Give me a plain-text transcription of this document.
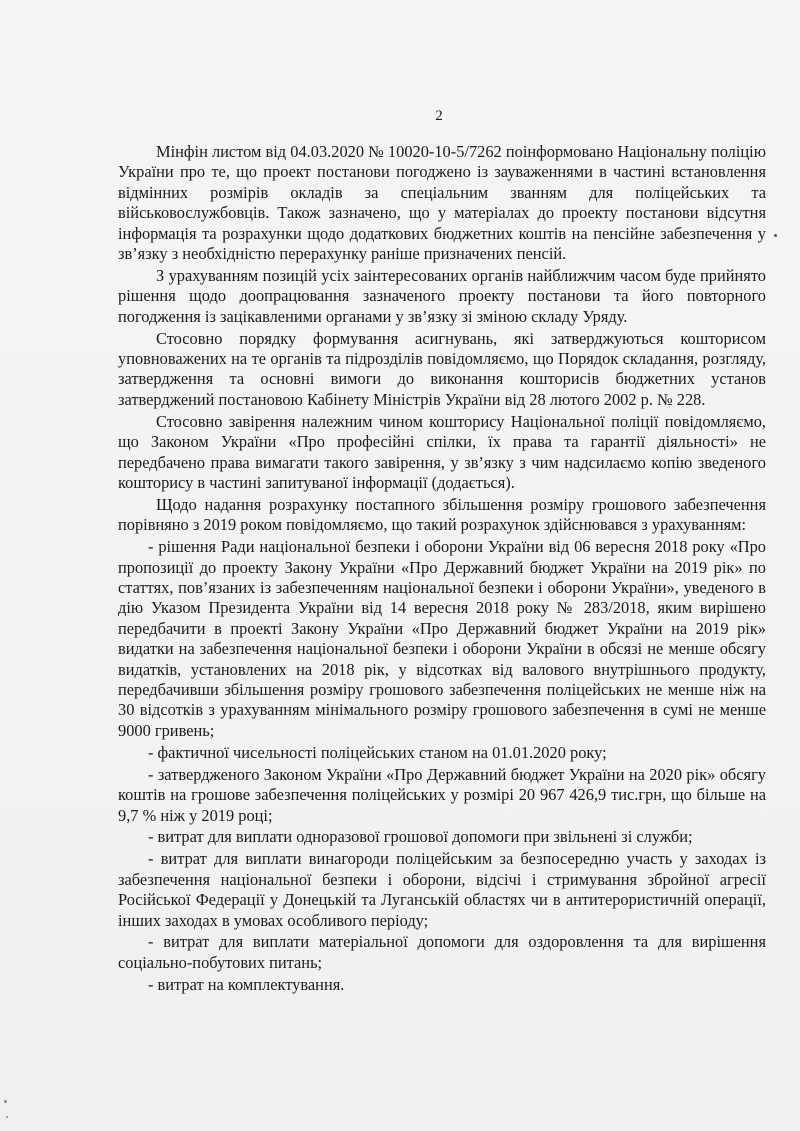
2

Мінфін листом від 04.03.2020 № 10020-10-5/7262 поінформовано Національну поліцію України про те, що проект постанови погоджено із зауваженнями в частині встановлення відмінних розмірів окладів за спеціальним званням для поліцейських та військовослужбовців. Також зазначено, що у матеріалах до проекту постанови відсутня інформація та розрахунки щодо додаткових бюджетних коштів на пенсійне забезпечення у зв’язку з необхідністю перерахунку раніше призначених пенсій.

З урахуванням позицій усіх заінтересованих органів найближчим часом буде прийнято рішення щодо доопрацювання зазначеного проекту постанови та його повторного погодження із зацікавленими органами у зв’язку зі зміною складу Уряду.

Стосовно порядку формування асигнувань, які затверджуються кошторисом уповноважених на те органів та підрозділів повідомляємо, що Порядок складання, розгляду, затвердження та основні вимоги до виконання кошторисів бюджетних установ затверджений постановою Кабінету Міністрів України від 28 лютого 2002 р. № 228.

Стосовно завірення належним чином кошторису Національної поліції повідомляємо, що Законом України «Про професійні спілки, їх права та гарантії діяльності» не передбачено права вимагати такого завірення, у зв’язку з чим надсилаємо копію зведеного кошторису в частині запитуваної інформації (додається).

Щодо надання розрахунку постапного збільшення розміру грошового забезпечення порівняно з 2019 роком повідомляємо, що такий розрахунок здійснювався з урахуванням:

- рішення Ради національної безпеки і оборони України від 06 вересня 2018 року «Про пропозиції до проекту Закону України «Про Державний бюджет України на 2019 рік» по статтях, пов’язаних із забезпеченням національної безпеки і оборони України», уведеного в дію Указом Президента України від 14 вересня 2018 року № 283/2018, яким вирішено передбачити в проекті Закону України «Про Державний бюджет України на 2019 рік» видатки на забезпечення національної безпеки і оборони України в обсязі не менше обсягу видатків, установлених на 2018 рік, у відсотках від валового внутрішнього продукту, передбачивши збільшення розміру грошового забезпечення поліцейських не менше ніж на 30 відсотків з урахуванням мінімального розміру грошового забезпечення в сумі не менше 9000 гривень;

- фактичної чисельності поліцейських станом на 01.01.2020 року;

- затвердженого Законом України «Про Державний бюджет України на 2020 рік» обсягу коштів на грошове забезпечення поліцейських у розмірі 20 967 426,9 тис.грн, що більше на 9,7 % ніж у 2019 році;

- витрат для виплати одноразової грошової допомоги при звільнені зі служби;

- витрат для виплати винагороди поліцейським за безпосередню участь у заходах із забезпечення національної безпеки і оборони, відсічі і стримування збройної агресії Російської Федерації у Донецькій та Луганській областях чи в антитерористичній операції, інших заходах в умовах особливого періоду;

- витрат для виплати матеріальної допомоги для оздоровлення та для вирішення соціально-побутових питань;

- витрат на комплектування.
